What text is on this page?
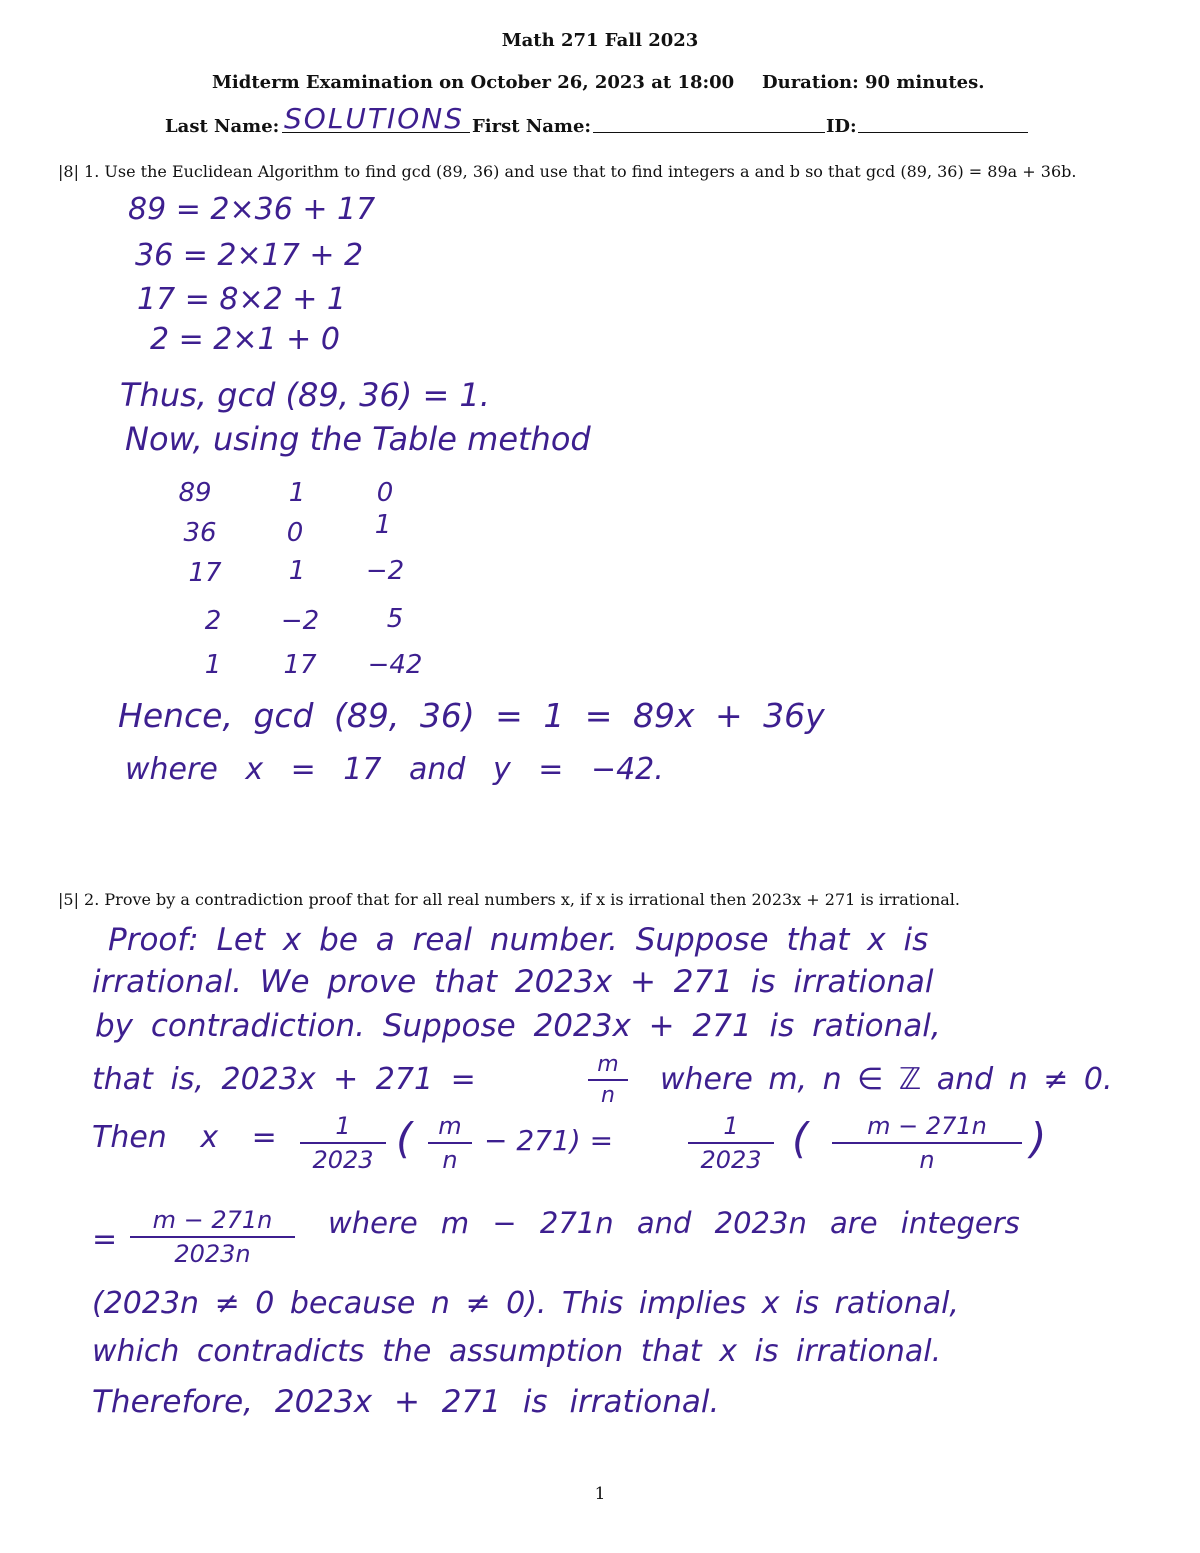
Math 271 Fall 2023
Midterm Examination on October 26, 2023 at 18:00 Duration: 90 minutes.
Last Name: SOLUTIONS First Name:	ID:
|8| 1. Use the Euclidean Algorithm to find gcd (89, 36) and use that to find integers a and b so that gcd (89, 36) = 89a + 36b.
89 = 2×36 + 17
36 = 2×17 + 2
17 = 8×2 + 1
2 = 2×1 + 0
Thus, gcd (89, 36) = 1.
Now, using the Table method
89	1	0
36	0	1
17	1	−2
2	−2	5
1	17	−42
Hence, gcd (89, 36) = 1 = 89x + 36y
where x = 17 and y = −42.
|5| 2. Prove by a contradiction proof that for all real numbers x, if x is irrational then 2023x + 271 is irrational.
Proof: Let x be a real number. Suppose that x is
irrational. We prove that 2023x + 271 is irrational
by contradiction. Suppose 2023x + 271 is rational,
that is, 2023x + 271 =	m
n where m, n ∈ ℤ and n ≠ 0.
Then x = 1
2023 ( m
n
− 271) =	1
2023 ( m − 271n
n )
=
m − 271n
2023n
where m − 271n and 2023n are integers
(2023n ≠ 0 because n ≠ 0). This implies x is rational,
which contradicts the assumption that x is irrational.
Therefore, 2023x + 271 is irrational.
1
